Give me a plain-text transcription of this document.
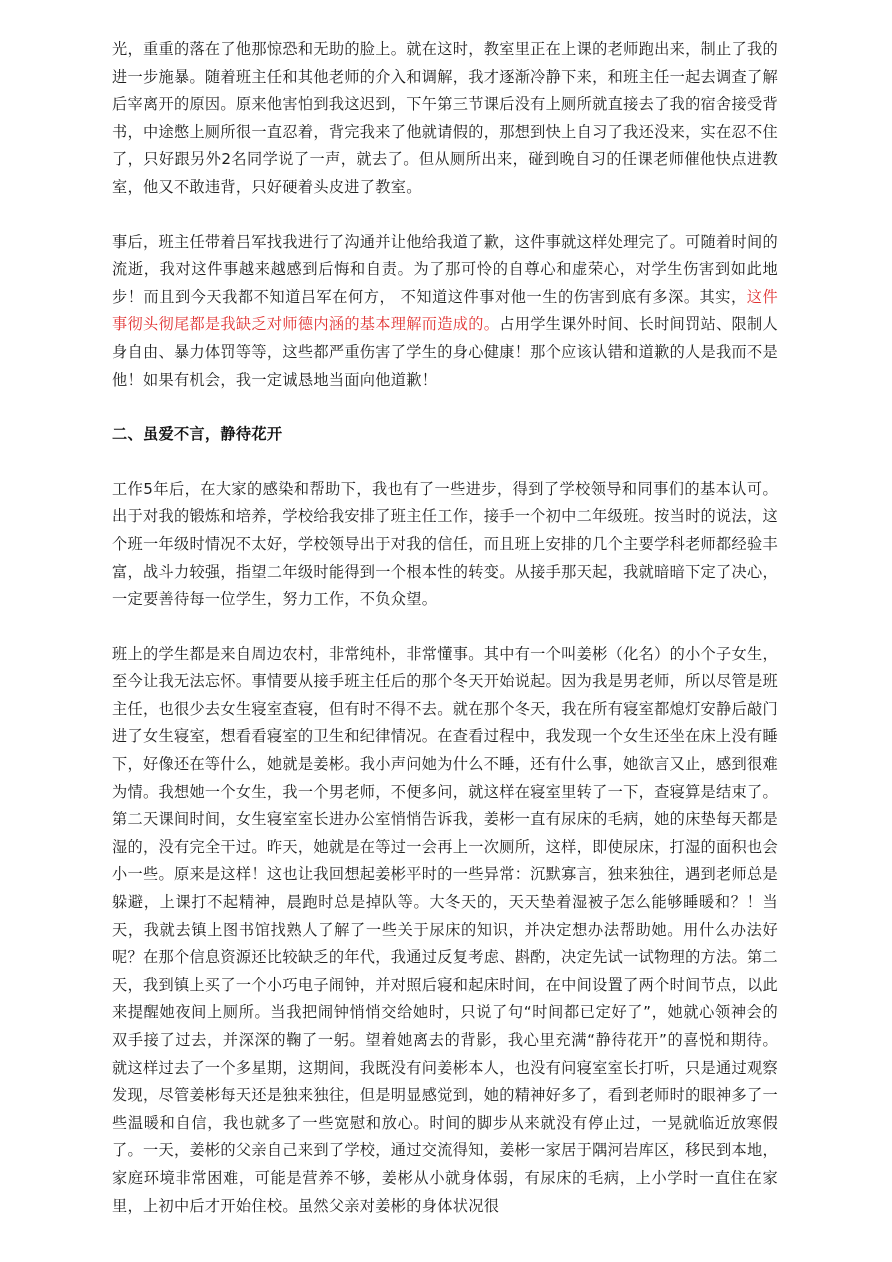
光，重重的落在了他那惊恐和无助的脸上。就在这时，教室里正在上课的老师跑出来，制止了我的进一步施暴。随着班主任和其他老师的介入和调解，我才逐渐冷静下来，和班主任一起去调查了解后宰离开的原因。原来他害怕到我这迟到，下午第三节课后没有上厕所就直接去了我的宿舍接受背书，中途憋上厕所很一直忍着，背完我来了他就请假的，那想到快上自习了我还没来，实在忍不住了，只好跟另外2名同学说了一声，就去了。但从厕所出来，碰到晚自习的任课老师催他快点进教室，他又不敢违背，只好硬着头皮进了教室。

事后，班主任带着吕军找我进行了沟通并让他给我道了歉，这件事就这样处理完了。可随着时间的流逝，我对这件事越来越感到后悔和自责。为了那可怜的自尊心和虚荣心，对学生伤害到如此地步！而且到今天我都不知道吕军在何方， 不知道这件事对他一生的伤害到底有多深。其实，这件事彻头彻尾都是我缺乏对师德内涵的基本理解而造成的。占用学生课外时间、长时间罚站、限制人身自由、暴力体罚等等，这些都严重伤害了学生的身心健康！那个应该认错和道歉的人是我而不是他！如果有机会，我一定诚恳地当面向他道歉！

二、虽爱不言，静待花开

工作5年后，在大家的感染和帮助下，我也有了一些进步，得到了学校领导和同事们的基本认可。出于对我的锻炼和培养，学校给我安排了班主任工作，接手一个初中二年级班。按当时的说法，这个班一年级时情况不太好，学校领导出于对我的信任，而且班上安排的几个主要学科老师都经验丰富，战斗力较强，指望二年级时能得到一个根本性的转变。从接手那天起，我就暗暗下定了决心，一定要善待每一位学生，努力工作，不负众望。

班上的学生都是来自周边农村，非常纯朴，非常懂事。其中有一个叫姜彬（化名）的小个子女生，至今让我无法忘怀。事情要从接手班主任后的那个冬天开始说起。因为我是男老师，所以尽管是班主任，也很少去女生寝室查寝，但有时不得不去。就在那个冬天，我在所有寝室都熄灯安静后敲门进了女生寝室，想看看寝室的卫生和纪律情况。在查看过程中，我发现一个女生还坐在床上没有睡下，好像还在等什么，她就是姜彬。我小声问她为什么不睡，还有什么事，她欲言又止，感到很难为情。我想她一个女生，我一个男老师，不便多问，就这样在寝室里转了一下，查寝算是结束了。第二天课间时间，女生寝室室长进办公室悄悄告诉我，姜彬一直有尿床的毛病，她的床垫每天都是湿的，没有完全干过。昨天，她就是在等过一会再上一次厕所，这样，即使尿床，打湿的面积也会小一些。原来是这样！这也让我回想起姜彬平时的一些异常：沉默寡言，独来独往，遇到老师总是躲避，上课打不起精神，晨跑时总是掉队等。大冬天的，天天垫着湿被子怎么能够睡暖和？！当天，我就去镇上图书馆找熟人了解了一些关于尿床的知识，并决定想办法帮助她。用什么办法好呢？在那个信息资源还比较缺乏的年代，我通过反复考虑、斟酌，决定先试一试物理的方法。第二天，我到镇上买了一个小巧电子闹钟，并对照后寝和起床时间，在中间设置了两个时间节点，以此来提醒她夜间上厕所。当我把闹钟悄悄交给她时，只说了句“时间都已定好了”，她就心领神会的双手接了过去，并深深的鞠了一躬。望着她离去的背影，我心里充满“静待花开”的喜悦和期待。就这样过去了一个多星期，这期间，我既没有问姜彬本人，也没有问寝室室长打听，只是通过观察发现，尽管姜彬每天还是独来独往，但是明显感觉到，她的精神好多了，看到老师时的眼神多了一些温暖和自信，我也就多了一些宽慰和放心。时间的脚步从来就没有停止过，一晃就临近放寒假了。一天，姜彬的父亲自己来到了学校，通过交流得知，姜彬一家居于隅河岩库区，移民到本地，家庭环境非常困难，可能是营养不够，姜彬从小就身体弱，有尿床的毛病，上小学时一直住在家里，上初中后才开始住校。虽然父亲对姜彬的身体状况很
